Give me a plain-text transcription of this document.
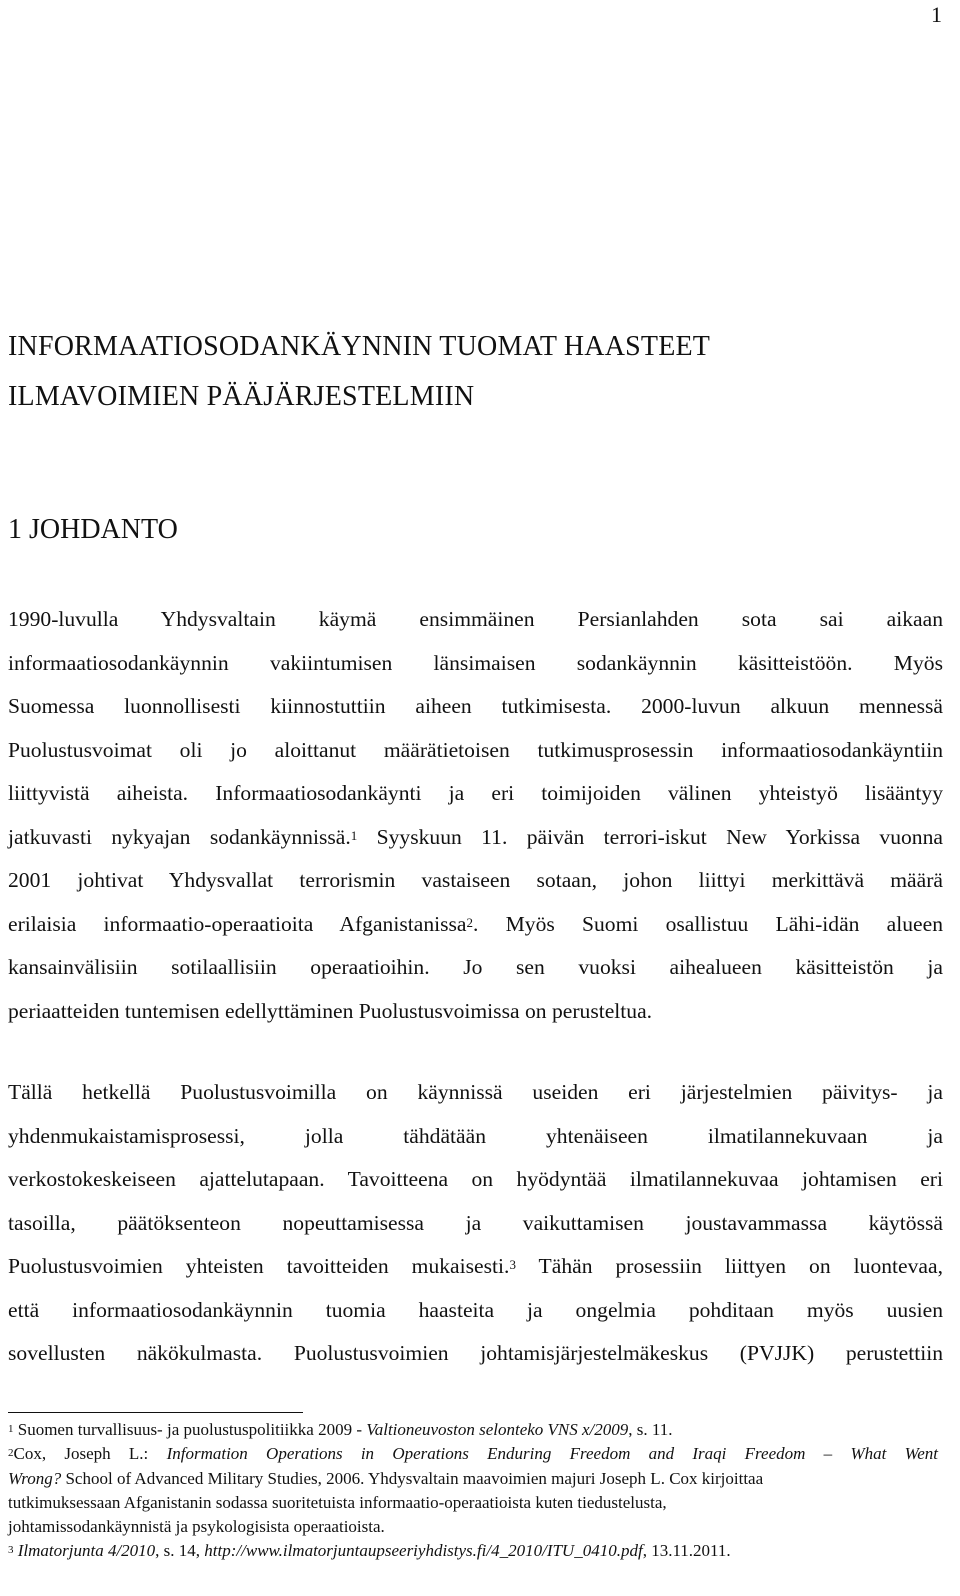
1
INFORMAATIOSODANKÄYNNIN TUOMAT HAASTEET
ILMAVOIMIEN PÄÄJÄRJESTELMIIN
1 JOHDANTO
1990-luvulla Yhdysvaltain käymä ensimmäinen Persianlahden sota sai aikaan
informaatiosodankäynnin vakiintumisen länsimaisen sodankäynnin käsitteistöön. Myös
Suomessa luonnollisesti kiinnostuttiin aiheen tutkimisesta. 2000-luvun alkuun mennessä
Puolustusvoimat oli jo aloittanut määrätietoisen tutkimusprosessin informaatiosodankäyntiin
liittyvistä aiheista. Informaatiosodankäynti ja eri toimijoiden välinen yhteistyö lisääntyy
jatkuvasti nykyajan sodankäynnissä.$^1$ Syyskuun 11. päivän terrori-iskut New Yorkissa vuonna
2001 johtivat Yhdysvallat terrorismin vastaiseen sotaan, johon liittyi merkittävä määrä
erilaisia informaatio-operaatioita Afganistanissa$^2$. Myös Suomi osallistuu Lähi-idän alueen
kansainvälisiin sotilaallisiin operaatioihin. Jo sen vuoksi aihealueen käsitteistön ja
periaatteiden tuntemisen edellyttäminen Puolustusvoimissa on perusteltua.
Tällä hetkellä Puolustusvoimilla on käynnissä useiden eri järjestelmien päivitys- ja
yhdenmukaistamisprosessi, jolla tähdätään yhtenäiseen ilmatilannekuvaan ja
verkostokeskeiseen ajattelutapaan. Tavoitteena on hyödyntää ilmatilannekuvaa johtamisen eri
tasoilla, päätöksenteon nopeuttamisessa ja vaikuttamisen joustavammassa käytössä
Puolustusvoimien yhteisten tavoitteiden mukaisesti.$^3$ Tähän prosessiin liittyen on luontevaa,
että informaatiosodankäynnin tuomia haasteita ja ongelmia pohditaan myös uusien
sovellusten näkökulmasta. Puolustusvoimien johtamisjärjestelmäkeskus (PVJJK) perustettiin
$^1$ Suomen turvallisuus- ja puolustuspolitiikka 2009 - Valtioneuvoston selonteko VNS x/2009, s. 11.
$^2$Cox, Joseph L.: Information Operations in Operations Enduring Freedom and Iraqi Freedom – What Went
Wrong? School of Advanced Military Studies, 2006. Yhdysvaltain maavoimien majuri Joseph L. Cox kirjoittaa
tutkimuksessaan Afganistanin sodassa suoritetuista informaatio-operaatioista kuten tiedustelusta,
johtamissodankäynnistä ja psykologisista operaatioista.
$^3$ Ilmatorjunta 4/2010, s. 14, http://www.ilmatorjuntaupseeriyhdistys.fi/4_2010/ITU_0410.pdf, 13.11.2011.
